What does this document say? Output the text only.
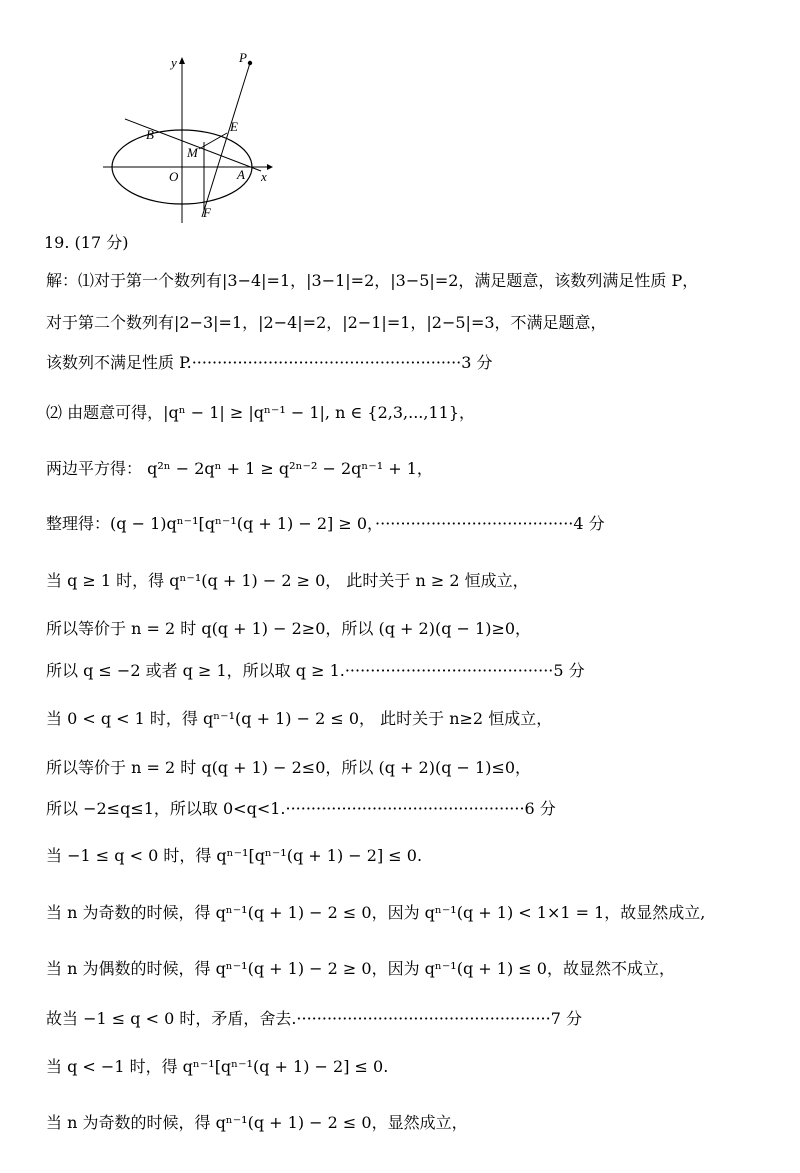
y
x
P
E
B
M
O	A
F
19. (17 分)
解：⑴对于第一个数列有|3−4|=1，|3−1|=2，|3−5|=2，满足题意，该数列满足性质 P，
对于第二个数列有|2−3|=1，|2−4|=2，|2−1|=1，|2−5|=3，不满足题意，
该数列不满足性质 P.·····················································3 分
⑵ 由题意可得，|qⁿ − 1| ≥ |qⁿ⁻¹ − 1|, n ∈ {2,3,...,11}，
两边平方得： q²ⁿ − 2qⁿ + 1 ≥ q²ⁿ⁻² − 2qⁿ⁻¹ + 1，
整理得：(q − 1)qⁿ⁻¹[qⁿ⁻¹(q + 1) − 2] ≥ 0，·······································4 分
当 q ≥ 1 时，得 qⁿ⁻¹(q + 1) − 2 ≥ 0， 此时关于 n ≥ 2 恒成立，
所以等价于 n = 2 时 q(q + 1) − 2≥0，所以 (q + 2)(q − 1)≥0，
所以 q ≤ −2 或者 q ≥ 1，所以取 q ≥ 1.·········································5 分
当 0 < q < 1 时，得 qⁿ⁻¹(q + 1) − 2 ≤ 0， 此时关于 n≥2 恒成立，
所以等价于 n = 2 时 q(q + 1) − 2≤0，所以 (q + 2)(q − 1)≤0，
所以 −2≤q≤1，所以取 0<q<1.···············································6 分
当 −1 ≤ q < 0 时，得 qⁿ⁻¹[qⁿ⁻¹(q + 1) − 2] ≤ 0.
当 n 为奇数的时候，得 qⁿ⁻¹(q + 1) − 2 ≤ 0，因为 qⁿ⁻¹(q + 1) < 1×1 = 1，故显然成立,
当 n 为偶数的时候，得 qⁿ⁻¹(q + 1) − 2 ≥ 0，因为 qⁿ⁻¹(q + 1) ≤ 0，故显然不成立，
故当 −1 ≤ q < 0 时，矛盾，舍去.··················································7 分
当 q < −1 时，得 qⁿ⁻¹[qⁿ⁻¹(q + 1) − 2] ≤ 0.
当 n 为奇数的时候，得 qⁿ⁻¹(q + 1) − 2 ≤ 0，显然成立，
